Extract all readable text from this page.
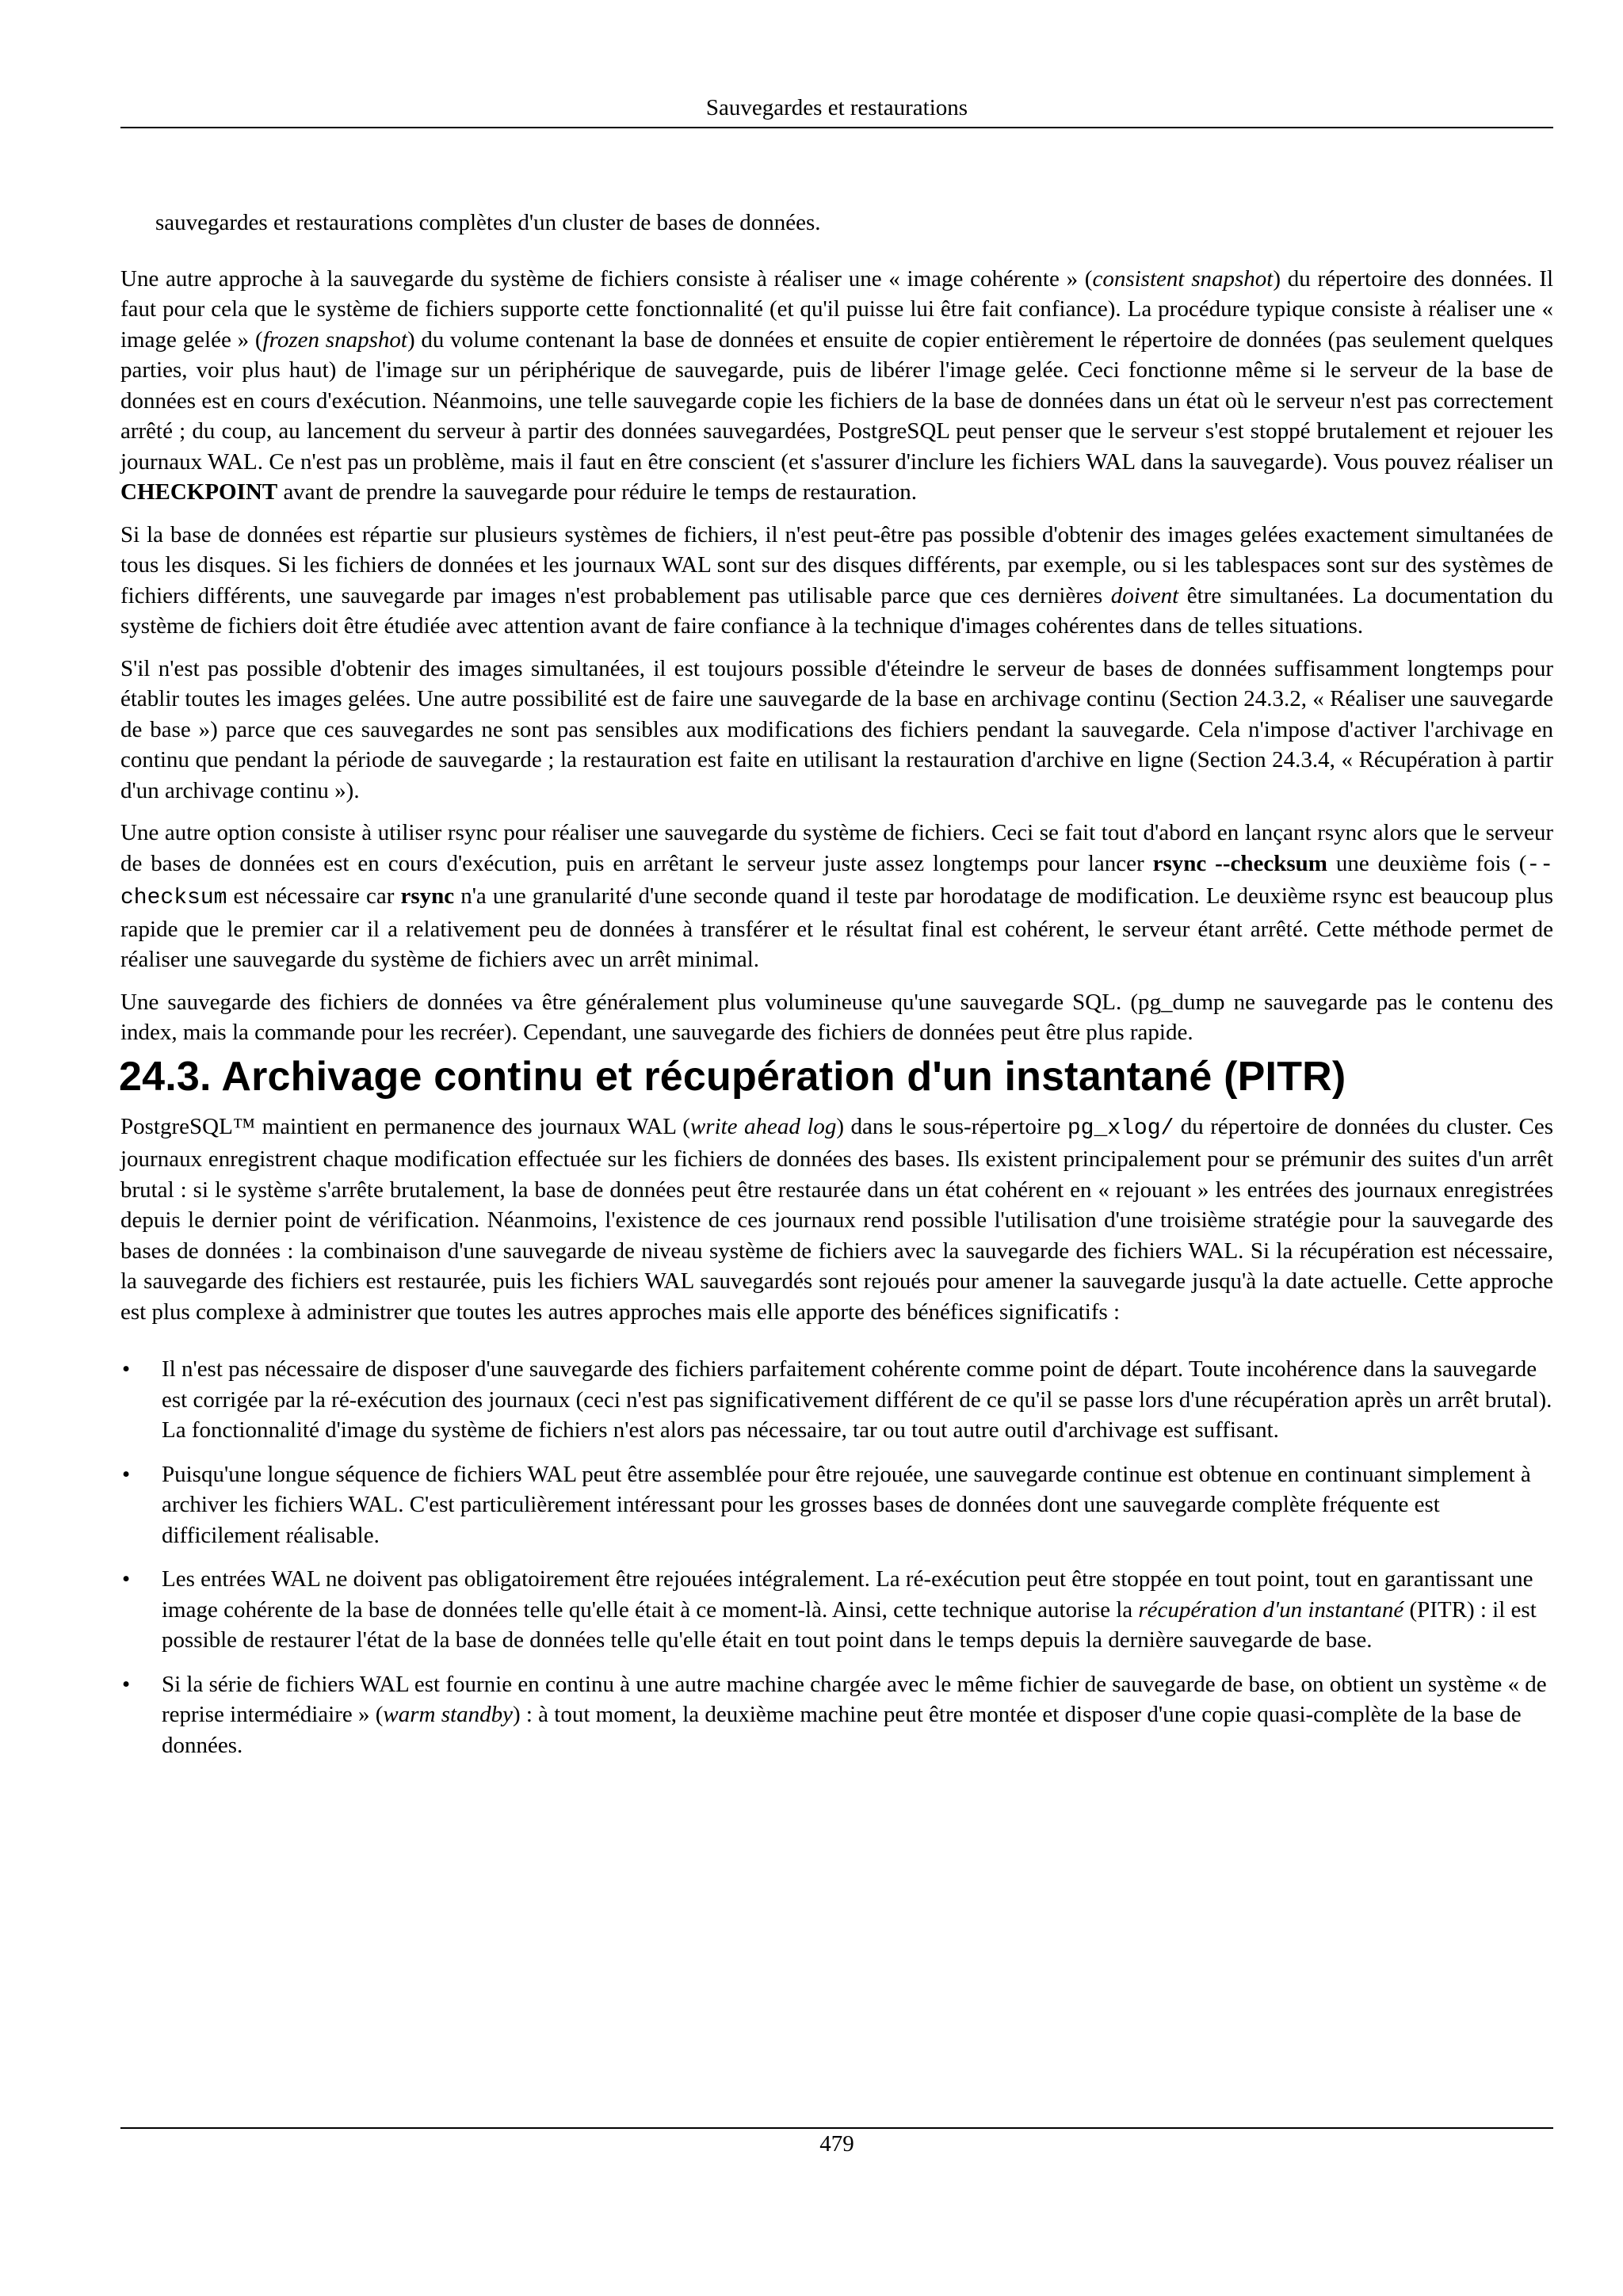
Sauvegardes et restaurations

sauvegardes et restaurations complètes d'un cluster de bases de données.

Une autre approche à la sauvegarde du système de fichiers consiste à réaliser une « image cohérente » (consistent snapshot) du répertoire des données. Il faut pour cela que le système de fichiers supporte cette fonctionnalité (et qu'il puisse lui être fait confiance). La procédure typique consiste à réaliser une « image gelée » (frozen snapshot) du volume contenant la base de données et ensuite de copier entièrement le répertoire de données (pas seulement quelques parties, voir plus haut) de l'image sur un périphérique de sauvegarde, puis de libérer l'image gelée. Ceci fonctionne même si le serveur de la base de données est en cours d'exécution. Néanmoins, une telle sauvegarde copie les fichiers de la base de données dans un état où le serveur n'est pas correctement arrêté ; du coup, au lancement du serveur à partir des données sauvegardées, PostgreSQL peut penser que le serveur s'est stoppé brutalement et rejouer les journaux WAL. Ce n'est pas un problème, mais il faut en être conscient (et s'assurer d'inclure les fichiers WAL dans la sauvegarde). Vous pouvez réaliser un CHECKPOINT avant de prendre la sauvegarde pour réduire le temps de restauration.

Si la base de données est répartie sur plusieurs systèmes de fichiers, il n'est peut-être pas possible d'obtenir des images gelées exactement simultanées de tous les disques. Si les fichiers de données et les journaux WAL sont sur des disques différents, par exemple, ou si les tablespaces sont sur des systèmes de fichiers différents, une sauvegarde par images n'est probablement pas utilisable parce que ces dernières doivent être simultanées. La documentation du système de fichiers doit être étudiée avec attention avant de faire confiance à la technique d'images cohérentes dans de telles situations.

S'il n'est pas possible d'obtenir des images simultanées, il est toujours possible d'éteindre le serveur de bases de données suffisamment longtemps pour établir toutes les images gelées. Une autre possibilité est de faire une sauvegarde de la base en archivage continu (Section 24.3.2, « Réaliser une sauvegarde de base ») parce que ces sauvegardes ne sont pas sensibles aux modifications des fichiers pendant la sauvegarde. Cela n'impose d'activer l'archivage en continu que pendant la période de sauvegarde ; la restauration est faite en utilisant la restauration d'archive en ligne (Section 24.3.4, « Récupération à partir d'un archivage continu »).

Une autre option consiste à utiliser rsync pour réaliser une sauvegarde du système de fichiers. Ceci se fait tout d'abord en lançant rsync alors que le serveur de bases de données est en cours d'exécution, puis en arrêtant le serveur juste assez longtemps pour lancer rsync --checksum une deuxième fois (--checksum est nécessaire car rsync n'a une granularité d'une seconde quand il teste par horodatage de modification. Le deuxième rsync est beaucoup plus rapide que le premier car il a relativement peu de données à transférer et le résultat final est cohérent, le serveur étant arrêté. Cette méthode permet de réaliser une sauvegarde du système de fichiers avec un arrêt minimal.

Une sauvegarde des fichiers de données va être généralement plus volumineuse qu'une sauvegarde SQL. (pg_dump ne sauvegarde pas le contenu des index, mais la commande pour les recréer). Cependant, une sauvegarde des fichiers de données peut être plus rapide.

24.3. Archivage continu et récupération d'un instantané (PITR)

PostgreSQL™ maintient en permanence des journaux WAL (write ahead log) dans le sous-répertoire pg_xlog/ du répertoire de données du cluster. Ces journaux enregistrent chaque modification effectuée sur les fichiers de données des bases. Ils existent principalement pour se prémunir des suites d'un arrêt brutal : si le système s'arrête brutalement, la base de données peut être restaurée dans un état cohérent en « rejouant » les entrées des journaux enregistrées depuis le dernier point de vérification. Néanmoins, l'existence de ces journaux rend possible l'utilisation d'une troisième stratégie pour la sauvegarde des bases de données : la combinaison d'une sauvegarde de niveau système de fichiers avec la sauvegarde des fichiers WAL. Si la récupération est nécessaire, la sauvegarde des fichiers est restaurée, puis les fichiers WAL sauvegardés sont rejoués pour amener la sauvegarde jusqu'à la date actuelle. Cette approche est plus complexe à administrer que toutes les autres approches mais elle apporte des bénéfices significatifs :

• Il n'est pas nécessaire de disposer d'une sauvegarde des fichiers parfaitement cohérente comme point de départ. Toute incohérence dans la sauvegarde est corrigée par la ré-exécution des journaux (ceci n'est pas significativement différent de ce qu'il se passe lors d'une récupération après un arrêt brutal). La fonctionnalité d'image du système de fichiers n'est alors pas nécessaire, tar ou tout autre outil d'archivage est suffisant.

• Puisqu'une longue séquence de fichiers WAL peut être assemblée pour être rejouée, une sauvegarde continue est obtenue en continuant simplement à archiver les fichiers WAL. C'est particulièrement intéressant pour les grosses bases de données dont une sauvegarde complète fréquente est difficilement réalisable.

• Les entrées WAL ne doivent pas obligatoirement être rejouées intégralement. La ré-exécution peut être stoppée en tout point, tout en garantissant une image cohérente de la base de données telle qu'elle était à ce moment-là. Ainsi, cette technique autorise la récupération d'un instantané (PITR) : il est possible de restaurer l'état de la base de données telle qu'elle était en tout point dans le temps depuis la dernière sauvegarde de base.

• Si la série de fichiers WAL est fournie en continu à une autre machine chargée avec le même fichier de sauvegarde de base, on obtient un système « de reprise intermédiaire » (warm standby) : à tout moment, la deuxième machine peut être montée et disposer d'une copie quasi-complète de la base de données.

479
